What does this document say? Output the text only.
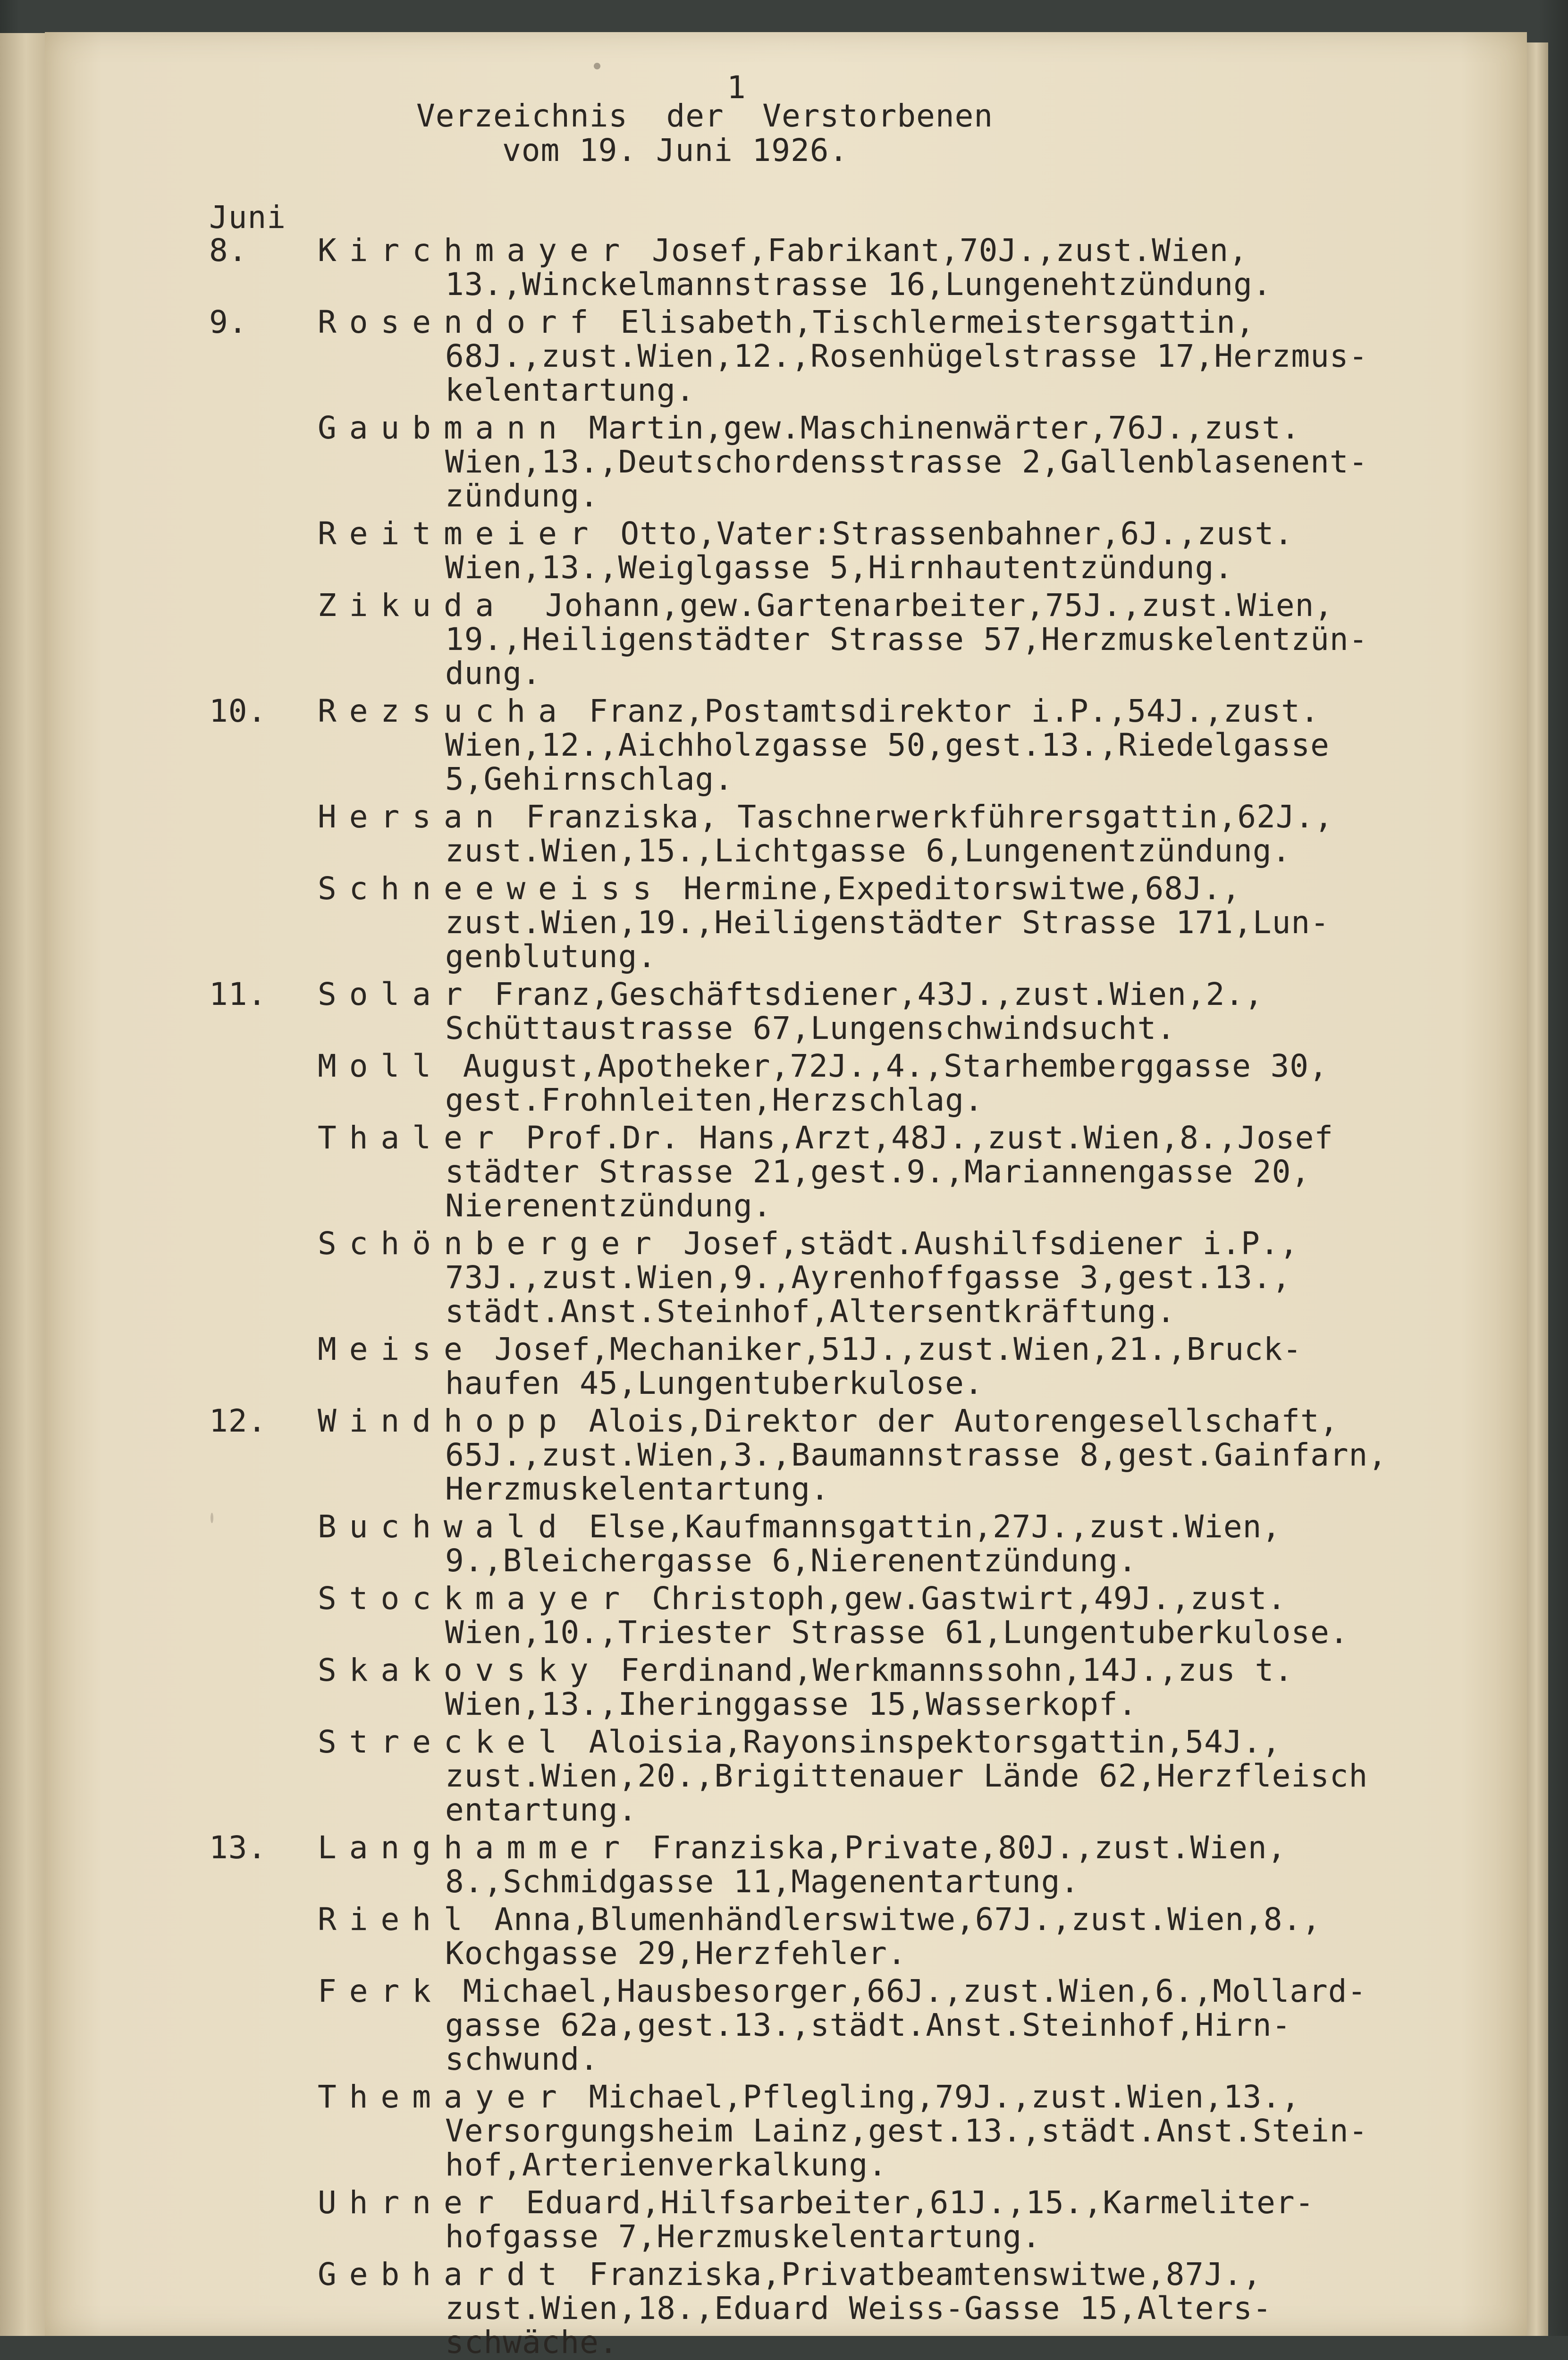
1
Verzeichnis  der  Verstorbenen
vom 19. Juni 1926.
Juni
8.	Kirchmayer Josef,Fabrikant,70J.,zust.Wien,
13.,Winckelmannstrasse 16,Lungenehtzündung.
9.	Rosendorf Elisabeth,Tischlermeistersgattin,
68J.,zust.Wien,12.,Rosenhügelstrasse 17,Herzmus-
kelentartung.
Gaubmann Martin,gew.Maschinenwärter,76J.,zust.
Wien,13.,Deutschordensstrasse 2,Gallenblasenent-
zündung.
Reitmeier Otto,Vater:Strassenbahner,6J.,zust.
Wien,13.,Weiglgasse 5,Hirnhautentzündung.
Zikuda  Johann,gew.Gartenarbeiter,75J.,zust.Wien,
19.,Heiligenstädter Strasse 57,Herzmuskelentzün-
dung.
10.	Rezsucha Franz,Postamtsdirektor i.P.,54J.,zust.
Wien,12.,Aichholzgasse 50,gest.13.,Riedelgasse
5,Gehirnschlag.
Hersan Franziska, Taschnerwerkführersgattin,62J.,
zust.Wien,15.,Lichtgasse 6,Lungenentzündung.
Schneeweiss Hermine,Expeditorswitwe,68J.,
zust.Wien,19.,Heiligenstädter Strasse 171,Lun-
genblutung.
11.	Solar Franz,Geschäftsdiener,43J.,zust.Wien,2.,
Schüttaustrasse 67,Lungenschwindsucht.
Moll August,Apotheker,72J.,4.,Starhemberggasse 30,
gest.Frohnleiten,Herzschlag.
Thaler Prof.Dr. Hans,Arzt,48J.,zust.Wien,8.,Josef
städter Strasse 21,gest.9.,Mariannengasse 20,
Nierenentzündung.
Schönberger Josef,städt.Aushilfsdiener i.P.,
73J.,zust.Wien,9.,Ayrenhoffgasse 3,gest.13.,
städt.Anst.Steinhof,Altersentkräftung.
Meise Josef,Mechaniker,51J.,zust.Wien,21.,Bruck-
haufen 45,Lungentuberkulose.
12.	Windhopp Alois,Direktor der Autorengesellschaft,
65J.,zust.Wien,3.,Baumannstrasse 8,gest.Gainfarn,
Herzmuskelentartung.
Buchwald Else,Kaufmannsgattin,27J.,zust.Wien,
9.,Bleichergasse 6,Nierenentzündung.
Stockmayer Christoph,gew.Gastwirt,49J.,zust.
Wien,10.,Triester Strasse 61,Lungentuberkulose.
Skakovsky Ferdinand,Werkmannssohn,14J.,zus t.
Wien,13.,Iheringgasse 15,Wasserkopf.
Streckel Aloisia,Rayonsinspektorsgattin,54J.,
zust.Wien,20.,Brigittenauer Lände 62,Herzfleisch
entartung.
13.	Langhammer Franziska,Private,80J.,zust.Wien,
8.,Schmidgasse 11,Magenentartung.
Riehl Anna,Blumenhändlerswitwe,67J.,zust.Wien,8.,
Kochgasse 29,Herzfehler.
Ferk Michael,Hausbesorger,66J.,zust.Wien,6.,Mollard-
gasse 62a,gest.13.,städt.Anst.Steinhof,Hirn-
schwund.
Themayer Michael,Pflegling,79J.,zust.Wien,13.,
Versorgungsheim Lainz,gest.13.,städt.Anst.Stein-
hof,Arterienverkalkung.
Uhrner Eduard,Hilfsarbeiter,61J.,15.,Karmeliter-
hofgasse 7,Herzmuskelentartung.
Gebhardt Franziska,Privatbeamtenswitwe,87J.,
zust.Wien,18.,Eduard Weiss-Gasse 15,Alters-
schwäche.
